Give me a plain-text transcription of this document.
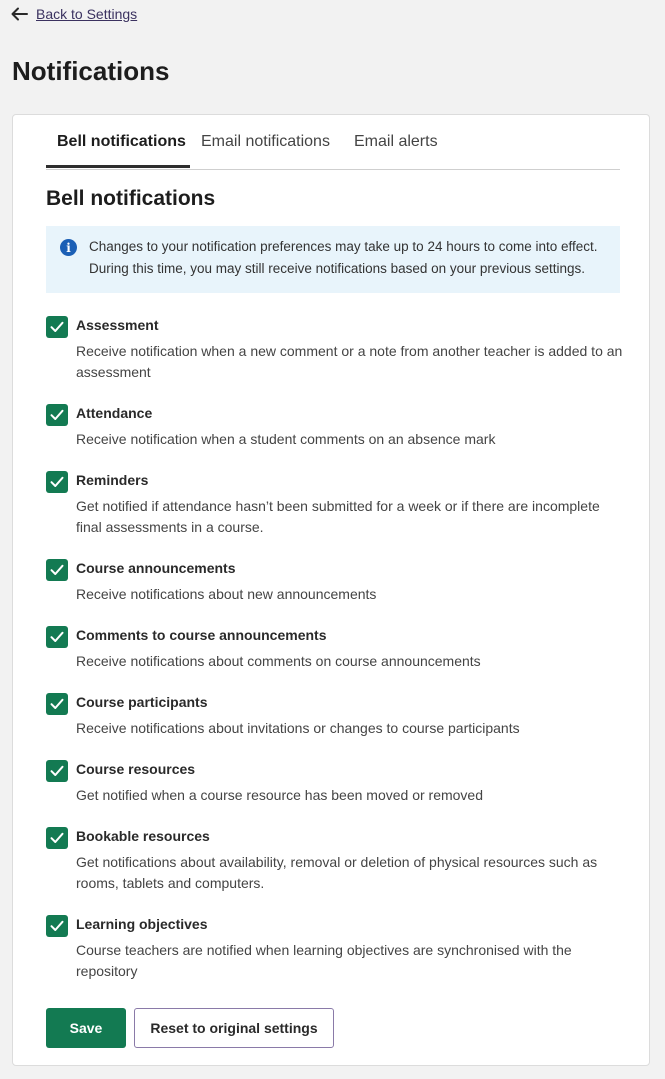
Back to Settings
Notifications
Bell notifications Email notifications Email alerts
Bell notifications
i	Changes to your notification preferences may take up to 24 hours to come into effect. During this time, you may still receive notifications based on your previous settings.
Assessment
Receive notification when a new comment or a note from another teacher is added to an assessment
Attendance
Receive notification when a student comments on an absence mark
Reminders
Get notified if attendance hasn’t been submitted for a week or if there are incomplete final assessments in a course.
Course announcements
Receive notifications about new announcements
Comments to course announcements
Receive notifications about comments on course announcements
Course participants
Receive notifications about invitations or changes to course participants
Course resources
Get notified when a course resource has been moved or removed
Bookable resources
Get notifications about availability, removal or deletion of physical resources such as rooms, tablets and computers.
Learning objectives
Course teachers are notified when learning objectives are synchronised with the repository
Save	Reset to original settings
